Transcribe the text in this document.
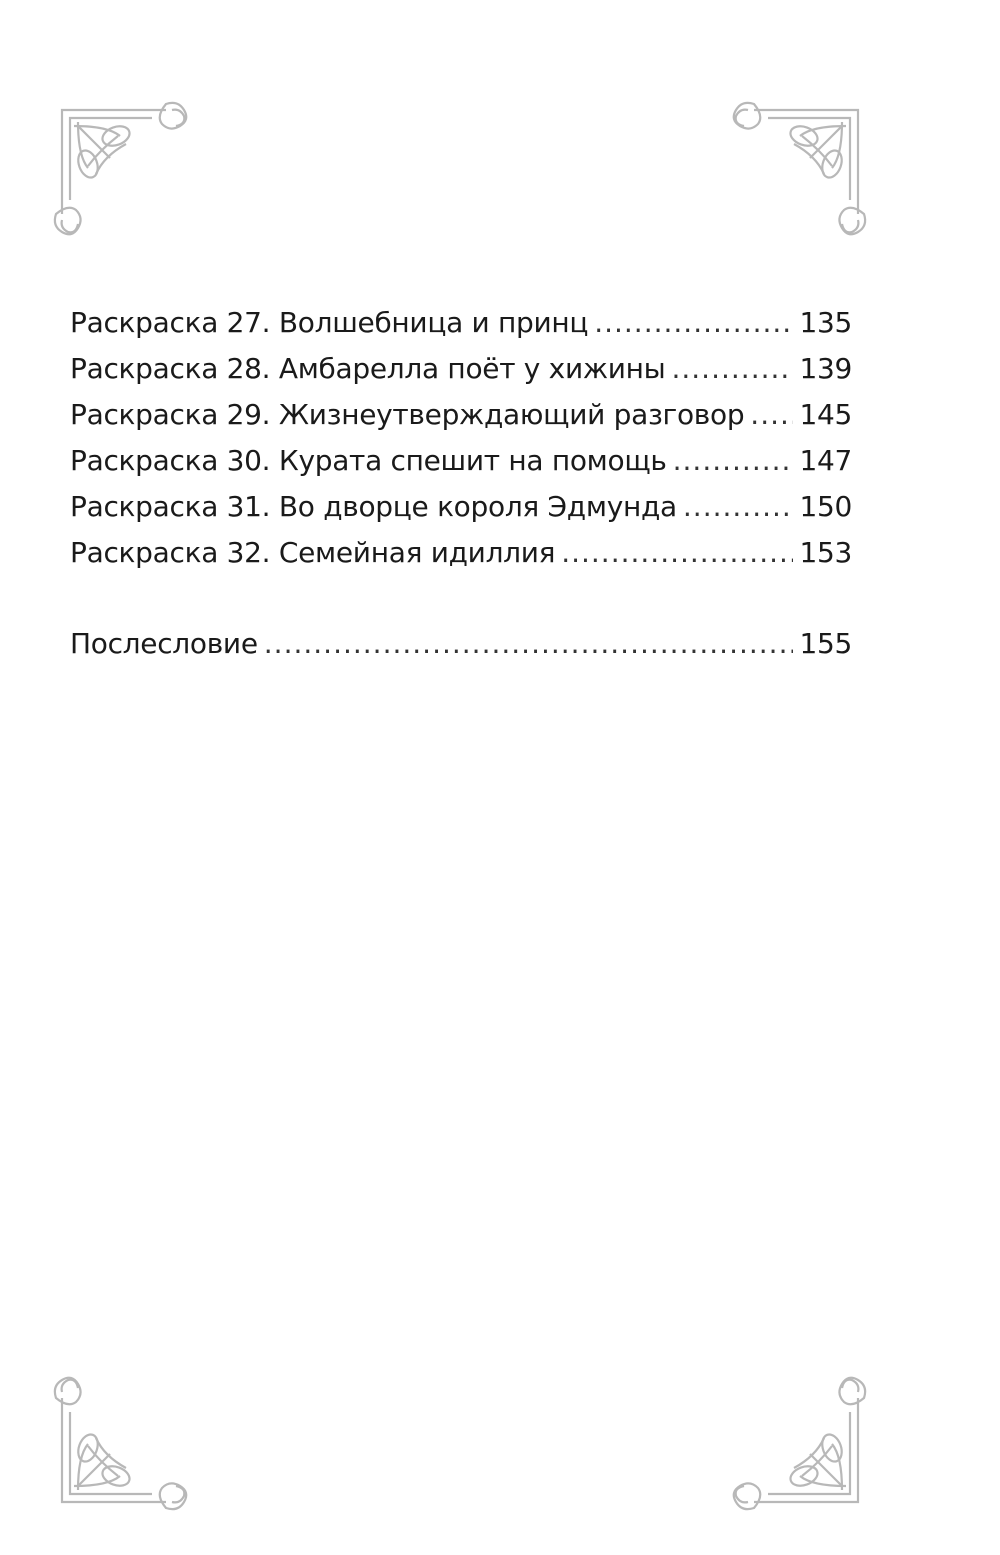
Раскраска 27. Волшебница и принц .....	135
Раскраска 28. Амбарелла поёт у хижины .....	139
Раскраска 29. Жизнеутверждающий разговор ..... 145
Раскраска 30. Курата спешит на помощь .....	147
Раскраска 31. Во дворце короля Эдмунда .....	150
Раскраска 32. Семейная идиллия .....	153
Послесловие .....	155
